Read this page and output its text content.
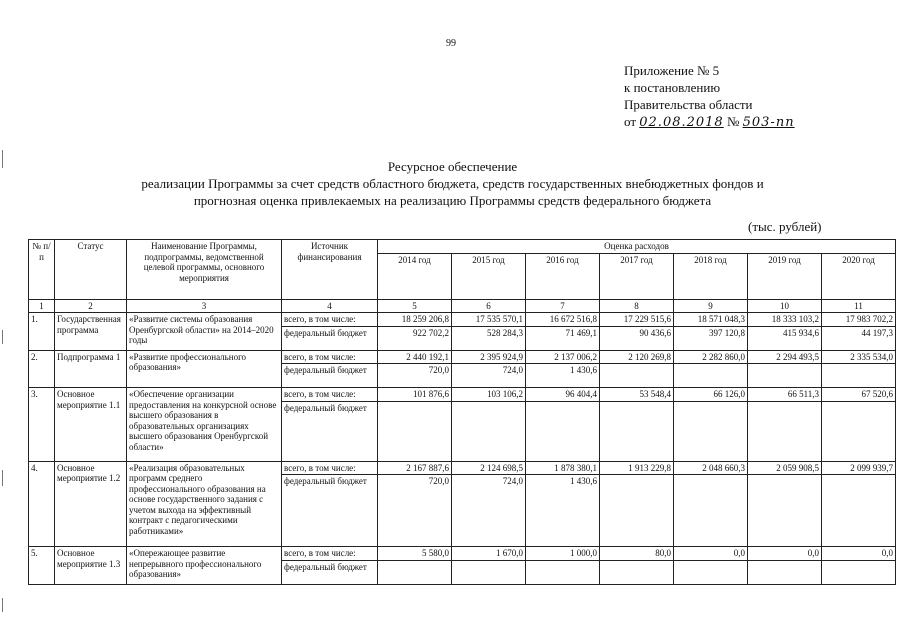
99
Приложение № 5
к постановлению
Правительства области
от 02.08.2018 № 503-пп
Ресурсное обеспечение
реализации Программы за счет средств областного бюджета, средств государственных внебюджетных фондов и
прогнозная оценка привлекаемых на реализацию Программы средств федерального бюджета
(тыс. рублей)
№ п/п	Статус	Наименование Программы, подпрограммы, ведомственной целевой программы, основного мероприятия	Источник финансирования	Оценка расходов						
				2014 год	2015 год	2016 год	2017 год	2018 год	2019 год	2020 год
1	2	3	4	5	6	7	8	9	10	11
1.	Государственная программа	«Развитие системы образования Оренбургской области» на 2014–2020 годы	всего, в том числе:	18 259 206,8	17 535 570,1	16 672 516,8	17 229 515,6	18 571 048,3	18 333 103,2	17 983 702,2
			федеральный бюджет	922 702,2	528 284,3	71 469,1	90 436,6	397 120,8	415 934,6	44 197,3
2.	Подпрограмма 1	«Развитие профессионального образования»	всего, в том числе:	2 440 192,1	2 395 924,9	2 137 006,2	2 120 269,8	2 282 860,0	2 294 493,5	2 335 534,0
			федеральный бюджет	720,0	724,0	1 430,6				
3.	Основное мероприятие 1.1	«Обеспечение организации предоставления на конкурсной основе высшего образования в образовательных организациях высшего образования Оренбургской области»	всего, в том числе:	101 876,6	103 106,2	96 404,4	53 548,4	66 126,0	66 511,3	67 520,6
			федеральный бюджет							
4.	Основное мероприятие 1.2	«Реализация образовательных программ среднего профессионального образования на основе государственного задания с учетом выхода на эффективный контракт с педагогическими работниками»	всего, в том числе:	2 167 887,6	2 124 698,5	1 878 380,1	1 913 229,8	2 048 660,3	2 059 908,5	2 099 939,7
			федеральный бюджет	720,0	724,0	1 430,6				
5.	Основное мероприятие 1.3	«Опережающее развитие непрерывного профессионального образования»	всего, в том числе:	5 580,0	1 670,0	1 000,0	80,0	0,0	0,0	0,0
			федеральный бюджет							
